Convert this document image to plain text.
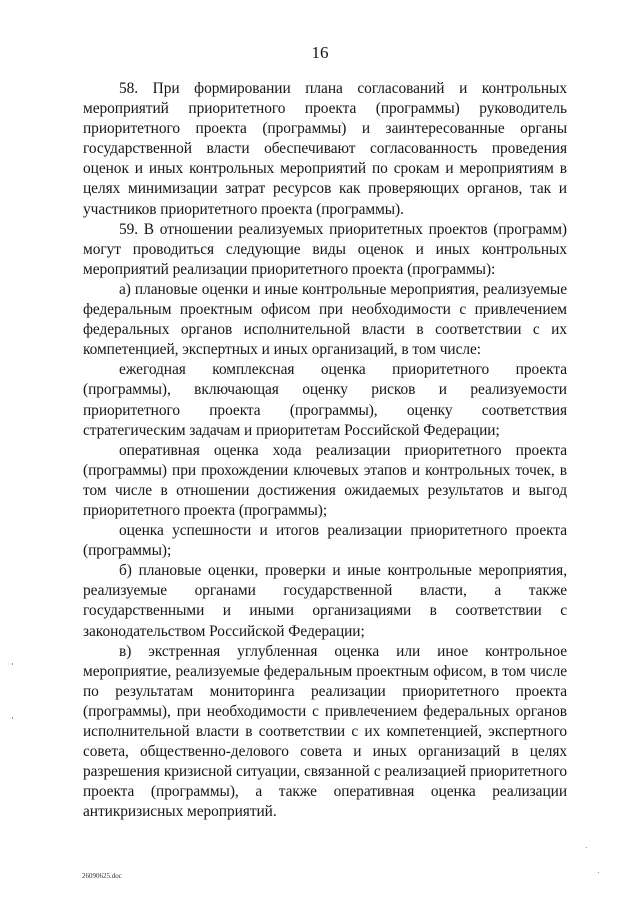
16

58. При формировании плана согласований и контрольных мероприятий приоритетного проекта (программы) руководитель приоритетного проекта (программы) и заинтересованные органы государственной власти обеспечивают согласованность проведения оценок и иных контрольных мероприятий по срокам и мероприятиям в целях минимизации затрат ресурсов как проверяющих органов, так и участников приоритетного проекта (программы).

59. В отношении реализуемых приоритетных проектов (программ) могут проводиться следующие виды оценок и иных контрольных мероприятий реализации приоритетного проекта (программы):

а) плановые оценки и иные контрольные мероприятия, реализуемые федеральным проектным офисом при необходимости с привлечением федеральных органов исполнительной власти в соответствии с их компетенцией, экспертных и иных организаций, в том числе:

ежегодная комплексная оценка приоритетного проекта (программы), включающая оценку рисков и реализуемости приоритетного проекта (программы), оценку соответствия стратегическим задачам и приоритетам Российской Федерации;

оперативная оценка хода реализации приоритетного проекта (программы) при прохождении ключевых этапов и контрольных точек, в том числе в отношении достижения ожидаемых результатов и выгод приоритетного проекта (программы);

оценка успешности и итогов реализации приоритетного проекта (программы);

б) плановые оценки, проверки и иные контрольные мероприятия, реализуемые органами государственной власти, а также государственными и иными организациями в соответствии с законодательством Российской Федерации;

в) экстренная углубленная оценка или иное контрольное мероприятие, реализуемые федеральным проектным офисом, в том числе по результатам мониторинга реализации приоритетного проекта (программы), при необходимости с привлечением федеральных органов исполнительной власти в соответствии с их компетенцией, экспертного совета, общественно-делового совета и иных организаций в целях разрешения кризисной ситуации, связанной с реализацией приоритетного проекта (программы), а также оперативная оценка реализации антикризисных мероприятий.

26090625.doc
